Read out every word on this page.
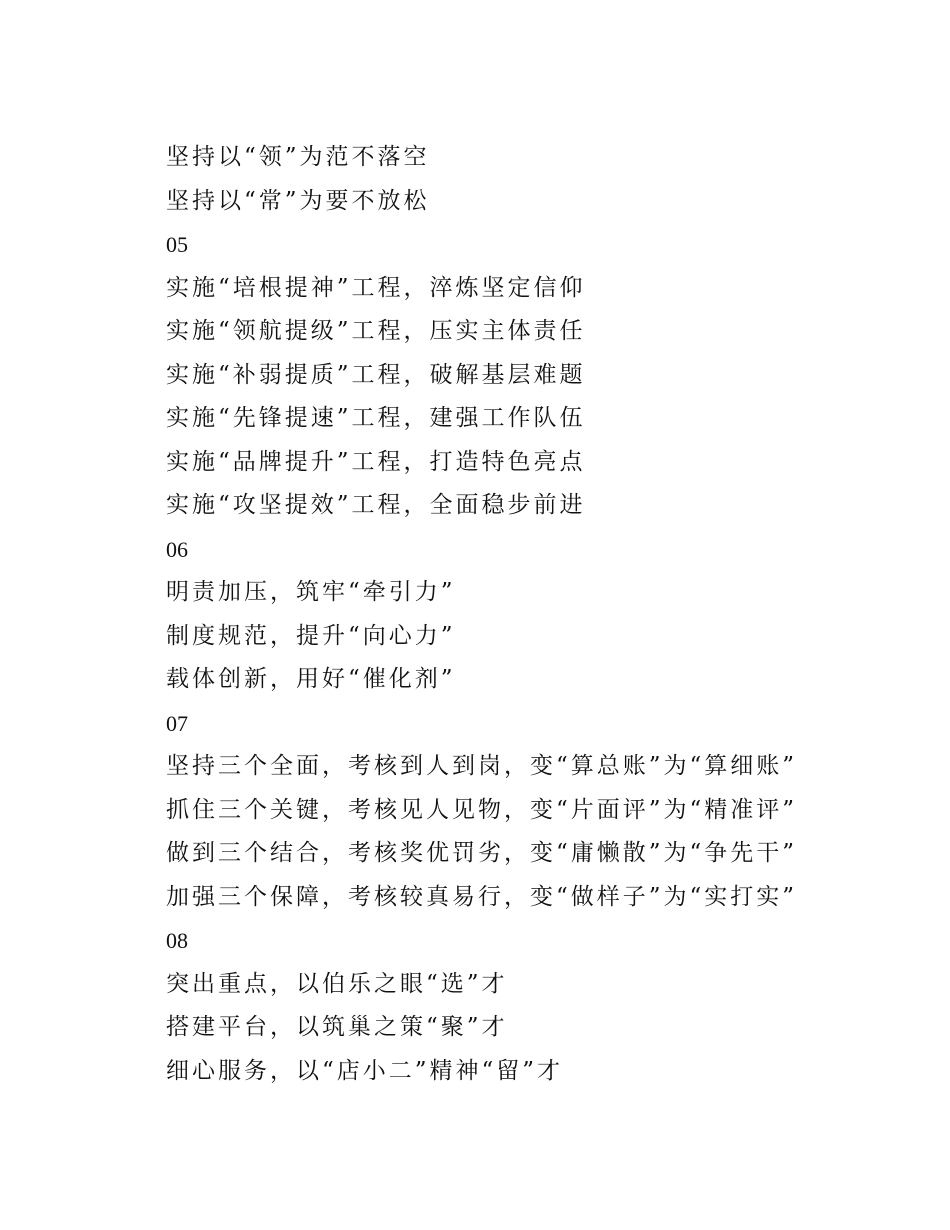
坚持以“领”为范不落空
坚持以“常”为要不放松
05
实施“培根提神”工程，淬炼坚定信仰
实施“领航提级”工程，压实主体责任
实施“补弱提质”工程，破解基层难题
实施“先锋提速”工程，建强工作队伍
实施“品牌提升”工程，打造特色亮点
实施“攻坚提效”工程，全面稳步前进
06
明责加压，筑牢“牵引力”
制度规范，提升“向心力”
载体创新，用好“催化剂”
07
坚持三个全面，考核到人到岗，变“算总账”为“算细账”
抓住三个关键，考核见人见物，变“片面评”为“精准评”
做到三个结合，考核奖优罚劣，变“庸懒散”为“争先干”
加强三个保障，考核较真易行，变“做样子”为“实打实”
08
突出重点，以伯乐之眼“选”才
搭建平台，以筑巢之策“聚”才
细心服务，以“店小二”精神“留”才
